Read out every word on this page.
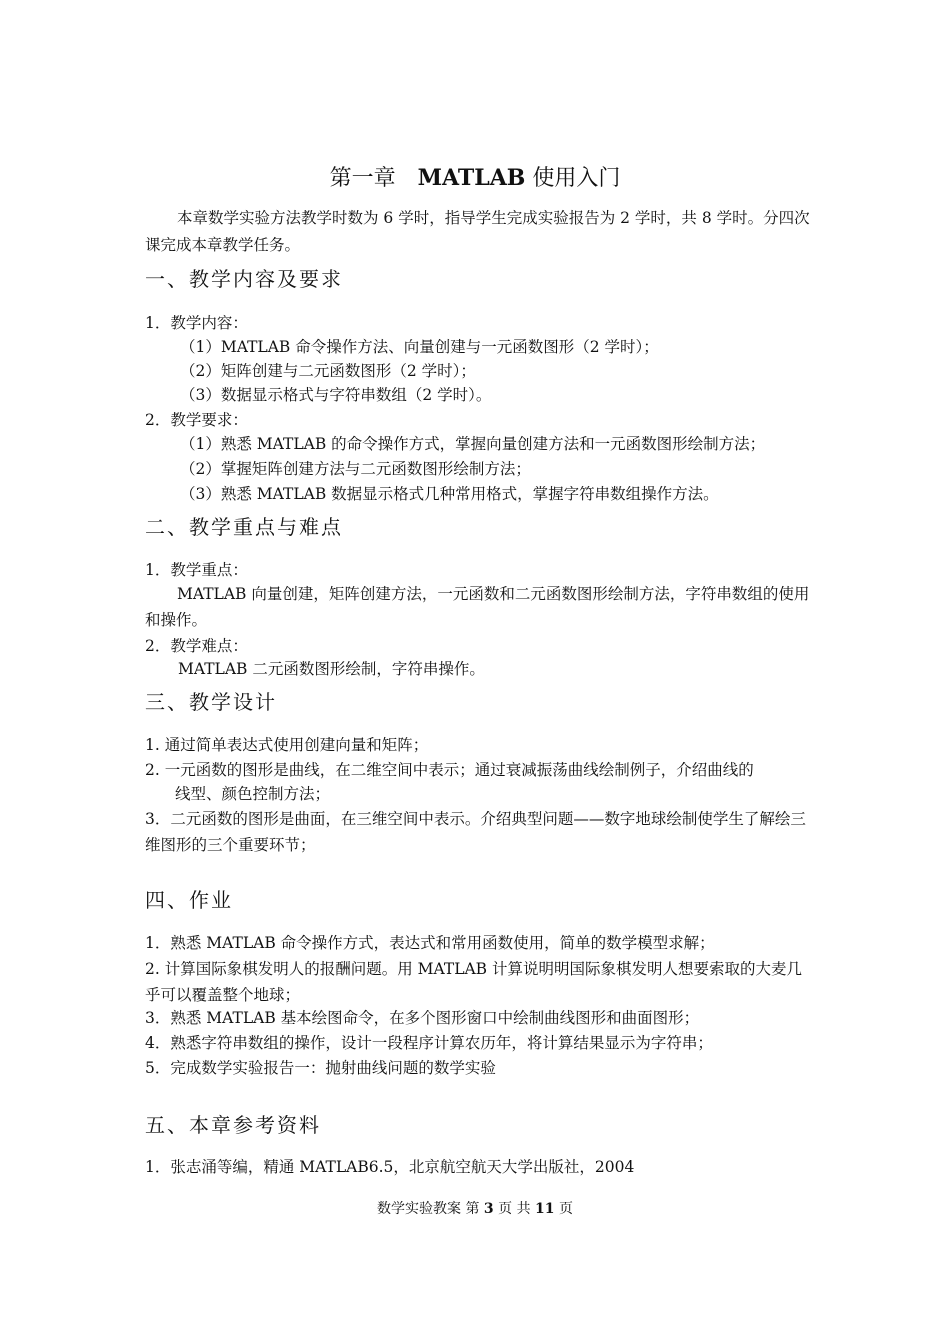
第一章 MATLAB 使用入门
本章数学实验方法教学时数为 6 学时，指导学生完成实验报告为 2 学时，共 8 学时。分四次课完成本章教学任务。
一、教学内容及要求
1．教学内容：
（1）MATLAB 命令操作方法、向量创建与一元函数图形（2 学时）；
（2）矩阵创建与二元函数图形（2 学时）；
（3）数据显示格式与字符串数组（2 学时）。
2．教学要求：
（1）熟悉 MATLAB 的命令操作方式，掌握向量创建方法和一元函数图形绘制方法；
（2）掌握矩阵创建方法与二元函数图形绘制方法；
（3）熟悉 MATLAB 数据显示格式几种常用格式，掌握字符串数组操作方法。
二、教学重点与难点
1．教学重点：
MATLAB 向量创建，矩阵创建方法，一元函数和二元函数图形绘制方法，字符串数组的使用和操作。
2．教学难点：
MATLAB 二元函数图形绘制，字符串操作。
三、教学设计
1. 通过简单表达式使用创建向量和矩阵；
2. 一元函数的图形是曲线，在二维空间中表示；通过衰减振荡曲线绘制例子，介绍曲线的
线型、颜色控制方法；
3．二元函数的图形是曲面，在三维空间中表示。介绍典型问题——数字地球绘制使学生了解绘三维图形的三个重要环节；
四、作业
1．熟悉 MATLAB 命令操作方式，表达式和常用函数使用，简单的数学模型求解；
2. 计算国际象棋发明人的报酬问题。用 MATLAB 计算说明明国际象棋发明人想要索取的大麦几乎可以覆盖整个地球；
3．熟悉 MATLAB 基本绘图命令，在多个图形窗口中绘制曲线图形和曲面图形；
4．熟悉字符串数组的操作，设计一段程序计算农历年，将计算结果显示为字符串；
5．完成数学实验报告一：抛射曲线问题的数学实验
五、本章参考资料
1．张志涌等编，精通 MATLAB6.5，北京航空航天大学出版社，2004
数学实验教案 第 3 页 共 11 页
